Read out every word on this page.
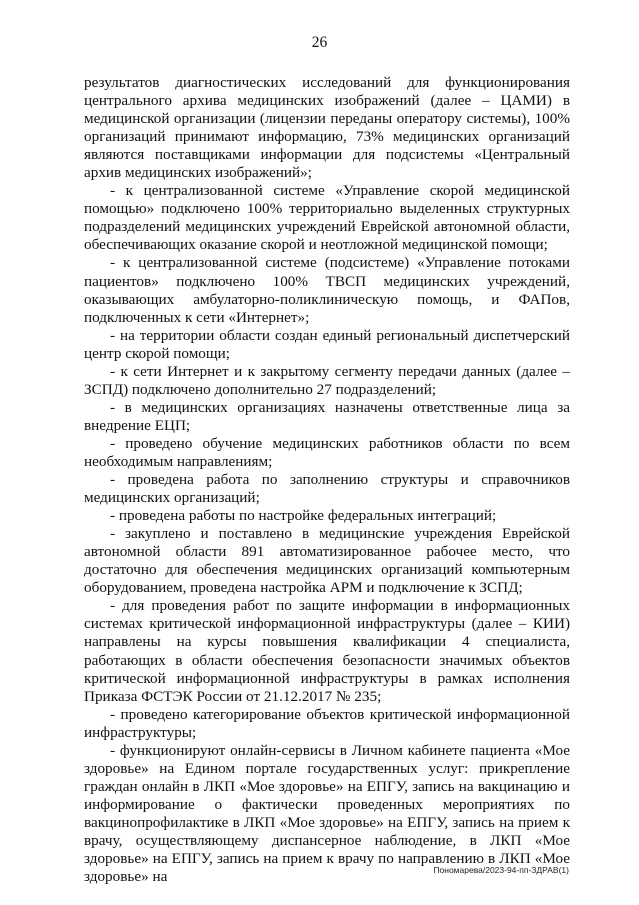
26

результатов диагностических исследований для функционирования центрального архива медицинских изображений (далее – ЦАМИ) в медицинской организации (лицензии переданы оператору системы), 100% организаций принимают информацию, 73% медицинских организаций являются поставщиками информации для подсистемы «Центральный архив медицинских изображений»;

- к централизованной системе «Управление скорой медицинской помощью» подключено 100% территориально выделенных структурных подразделений медицинских учреждений Еврейской автономной области, обеспечивающих оказание скорой и неотложной медицинской помощи;

- к централизованной системе (подсистеме) «Управление потоками пациентов» подключено 100% ТВСП медицинских учреждений, оказывающих амбулаторно-поликлиническую помощь, и ФАПов, подключенных к сети «Интернет»;

- на территории области создан единый региональный диспетчерский центр скорой помощи;

- к сети Интернет и к закрытому сегменту передачи данных (далее – ЗСПД) подключено дополнительно 27 подразделений;

- в медицинских организациях назначены ответственные лица за внедрение ЕЦП;

- проведено обучение медицинских работников области по всем необходимым направлениям;

- проведена работа по заполнению структуры и справочников медицинских организаций;

- проведена работы по настройке федеральных интеграций;

- закуплено и поставлено в медицинские учреждения Еврейской автономной области 891 автоматизированное рабочее место, что достаточно для обеспечения медицинских организаций компьютерным оборудованием, проведена настройка АРМ и подключение к ЗСПД;

- для проведения работ по защите информации в информационных системах критической информационной инфраструктуры (далее – КИИ) направлены на курсы повышения квалификации 4 специалиста, работающих в области обеспечения безопасности значимых объектов критической информационной инфраструктуры в рамках исполнения Приказа ФСТЭК России от 21.12.2017 № 235;

- проведено категорирование объектов критической информационной инфраструктуры;

- функционируют онлайн-сервисы в Личном кабинете пациента «Мое здоровье» на Едином портале государственных услуг: прикрепление граждан онлайн в ЛКП «Мое здоровье» на ЕПГУ, запись на вакцинацию и информирование о фактически проведенных мероприятиях по вакцинопрофилактике в ЛКП «Мое здоровье» на ЕПГУ, запись на прием к врачу, осуществляющему диспансерное наблюдение, в ЛКП «Мое здоровье» на ЕПГУ, запись на прием к врачу по направлению в ЛКП «Мое здоровье» на	Пономарева/2023-94-пп-ЗДРАВ(1)
